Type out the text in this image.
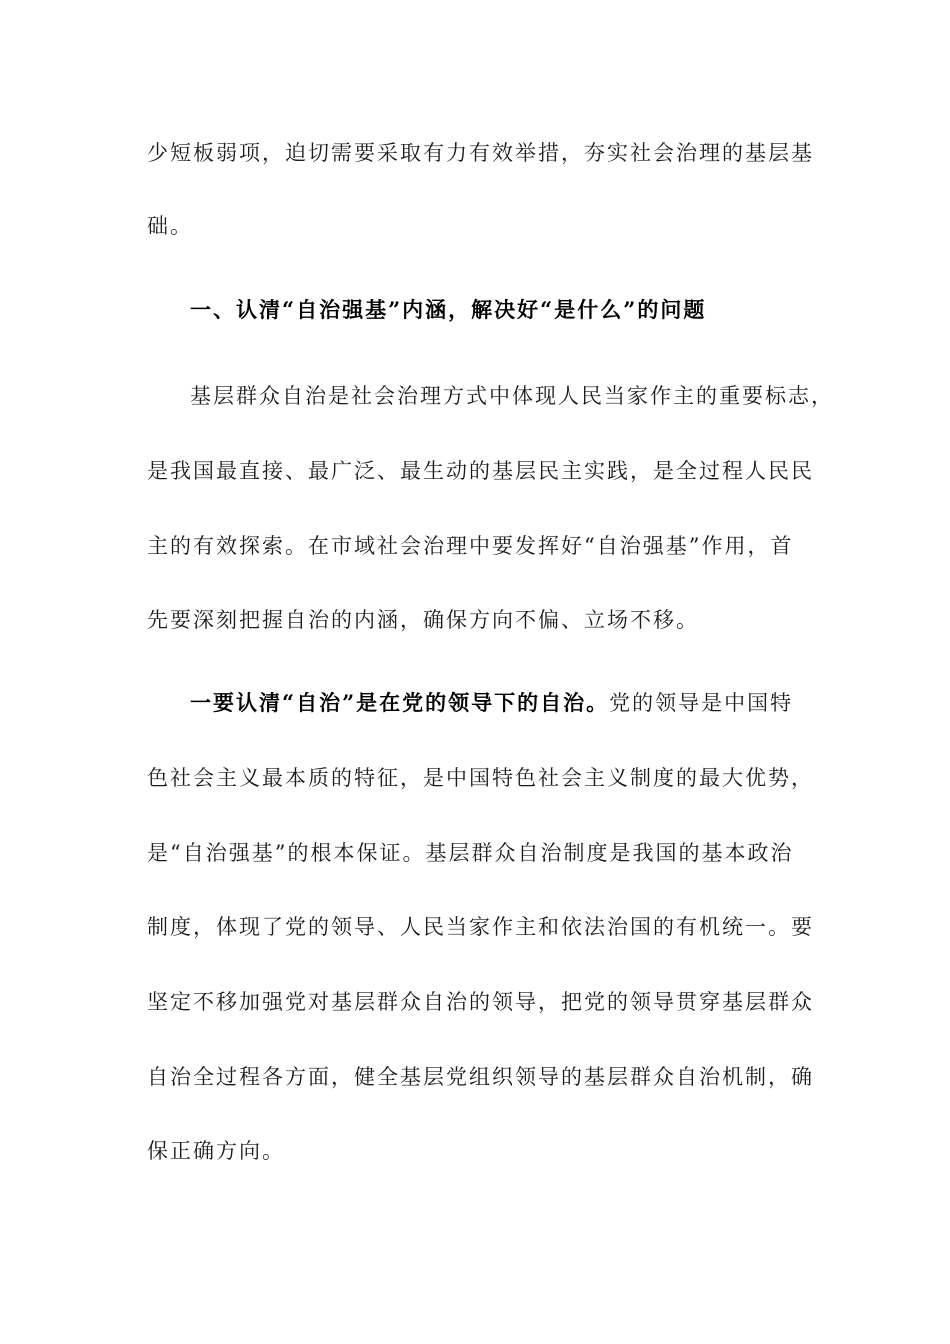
少短板弱项，迫切需要采取有力有效举措，夯实社会治理的基层基
础。
一、认清“自治强基”内涵，解决好“是什么”的问题
基层群众自治是社会治理方式中体现人民当家作主的重要标志，
是我国最直接、最广泛、最生动的基层民主实践，是全过程人民民
主的有效探索。在市域社会治理中要发挥好“自治强基”作用，首
先要深刻把握自治的内涵，确保方向不偏、立场不移。
一要认清“自治”是在党的领导下的自治。党的领导是中国特
色社会主义最本质的特征，是中国特色社会主义制度的最大优势，
是“自治强基”的根本保证。基层群众自治制度是我国的基本政治
制度，体现了党的领导、人民当家作主和依法治国的有机统一。要
坚定不移加强党对基层群众自治的领导，把党的领导贯穿基层群众
自治全过程各方面，健全基层党组织领导的基层群众自治机制，确
保正确方向。
